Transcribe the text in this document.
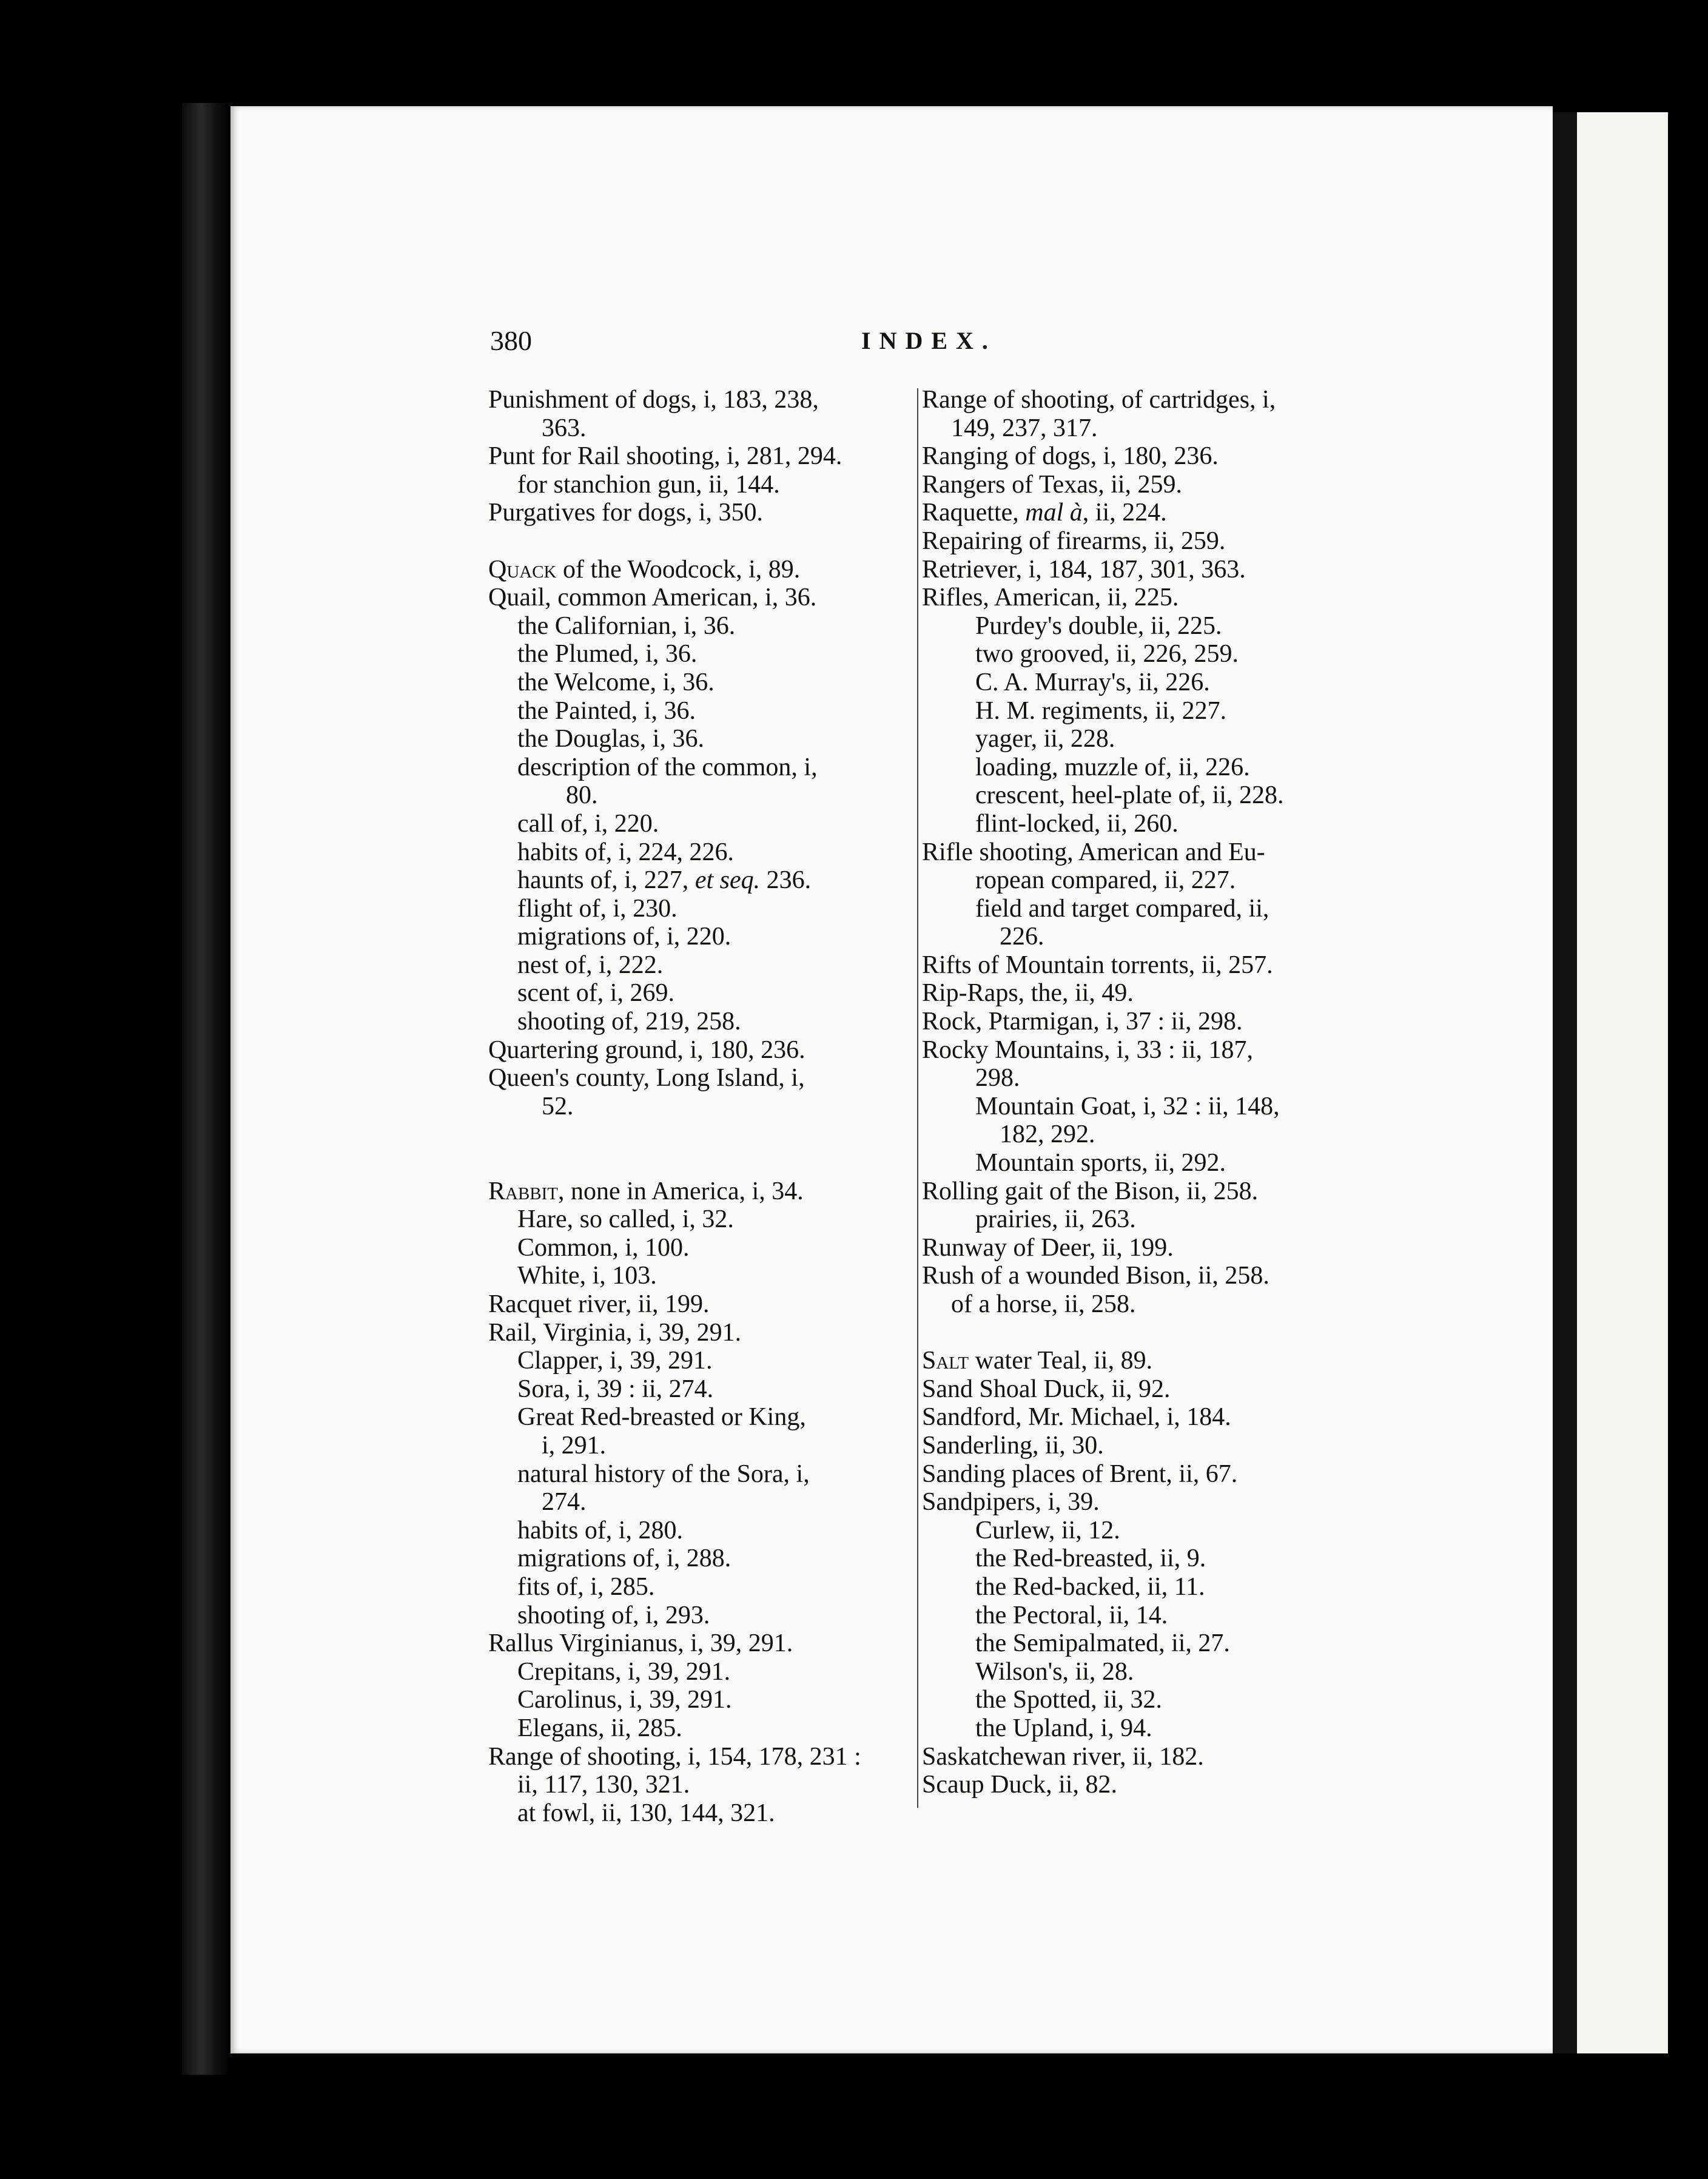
380	INDEX.
Punishment of dogs, i, 183, 238,
363.
Punt for Rail shooting, i, 281, 294.
for stanchion gun, ii, 144.
Purgatives for dogs, i, 350.
Quack of the Woodcock, i, 89.
Quail, common American, i, 36.
the Californian, i, 36.
the Plumed, i, 36.
the Welcome, i, 36.
the Painted, i, 36.
the Douglas, i, 36.
description of the common, i,
80.
call of, i, 220.
habits of, i, 224, 226.
haunts of, i, 227, et seq. 236.
flight of, i, 230.
migrations of, i, 220.
nest of, i, 222.
scent of, i, 269.
shooting of, 219, 258.
Quartering ground, i, 180, 236.
Queen's county, Long Island, i,
52.
Rabbit, none in America, i, 34.
Hare, so called, i, 32.
Common, i, 100.
White, i, 103.
Racquet river, ii, 199.
Rail, Virginia, i, 39, 291.
Clapper, i, 39, 291.
Sora, i, 39 : ii, 274.
Great Red-breasted or King,
i, 291.
natural history of the Sora, i,
274.
habits of, i, 280.
migrations of, i, 288.
fits of, i, 285.
shooting of, i, 293.
Rallus Virginianus, i, 39, 291.
Crepitans, i, 39, 291.
Carolinus, i, 39, 291.
Elegans, ii, 285.
Range of shooting, i, 154, 178, 231 :
ii, 117, 130, 321.
at fowl, ii, 130, 144, 321.
Range of shooting, of cartridges, i,
149, 237, 317.
Ranging of dogs, i, 180, 236.
Rangers of Texas, ii, 259.
Raquette, mal à, ii, 224.
Repairing of firearms, ii, 259.
Retriever, i, 184, 187, 301, 363.
Rifles, American, ii, 225.
Purdey's double, ii, 225.
two grooved, ii, 226, 259.
C. A. Murray's, ii, 226.
H. M. regiments, ii, 227.
yager, ii, 228.
loading, muzzle of, ii, 226.
crescent, heel-plate of, ii, 228.
flint-locked, ii, 260.
Rifle shooting, American and Eu-
ropean compared, ii, 227.
field and target compared, ii,
226.
Rifts of Mountain torrents, ii, 257.
Rip-Raps, the, ii, 49.
Rock, Ptarmigan, i, 37 : ii, 298.
Rocky Mountains, i, 33 : ii, 187,
298.
Mountain Goat, i, 32 : ii, 148,
182, 292.
Mountain sports, ii, 292.
Rolling gait of the Bison, ii, 258.
prairies, ii, 263.
Runway of Deer, ii, 199.
Rush of a wounded Bison, ii, 258.
of a horse, ii, 258.
Salt water Teal, ii, 89.
Sand Shoal Duck, ii, 92.
Sandford, Mr. Michael, i, 184.
Sanderling, ii, 30.
Sanding places of Brent, ii, 67.
Sandpipers, i, 39.
Curlew, ii, 12.
the Red-breasted, ii, 9.
the Red-backed, ii, 11.
the Pectoral, ii, 14.
the Semipalmated, ii, 27.
Wilson's, ii, 28.
the Spotted, ii, 32.
the Upland, i, 94.
Saskatchewan river, ii, 182.
Scaup Duck, ii, 82.
